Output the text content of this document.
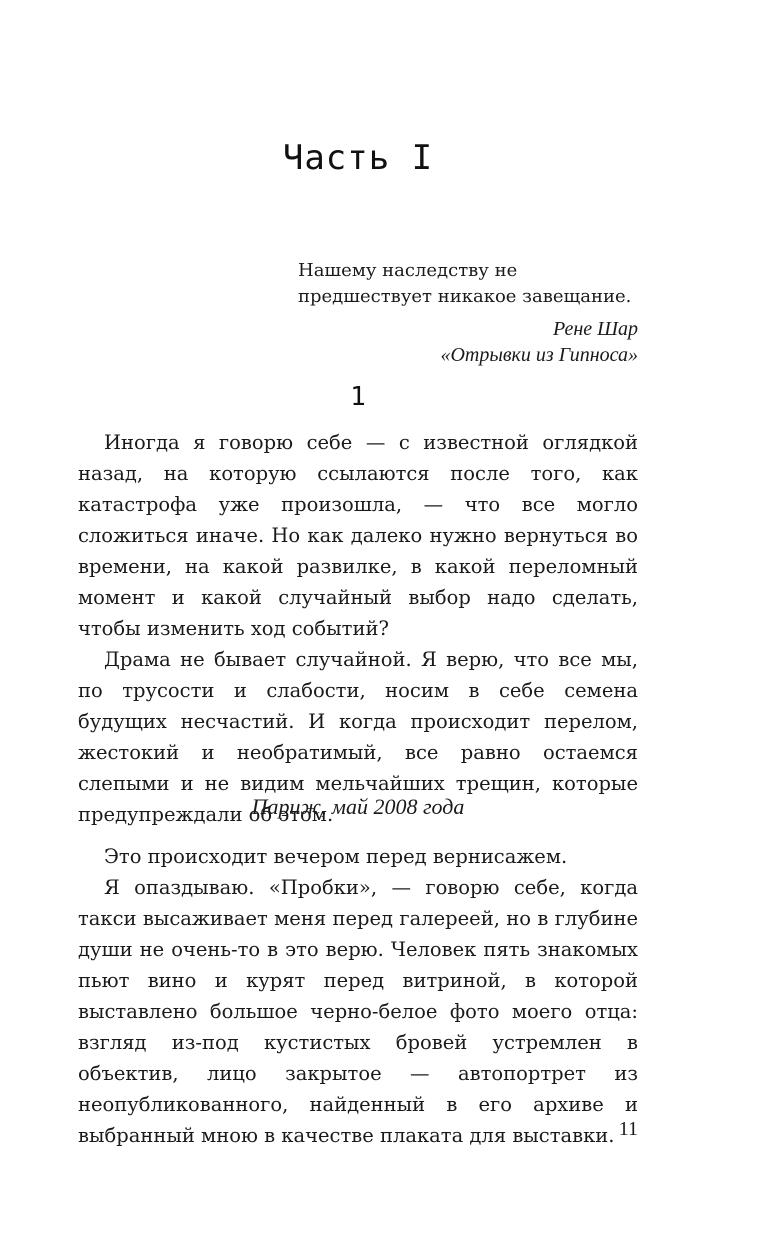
Часть I

Нашему наследству не предшествует никакое завещание.

Рене Шар
«Отрывки из Гипноса»
1

Иногда я говорю себе — с известной оглядкой назад, на которую ссылаются после того, как катастрофа уже произошла, — что все могло сложиться иначе. Но как далеко нужно вернуться во времени, на какой развилке, в какой переломный момент и какой случайный выбор надо сделать, чтобы изменить ход событий?

Драма не бывает случайной. Я верю, что все мы, по трусости и слабости, носим в себе семена будущих несчастий. И когда происходит перелом, жестокий и необратимый, все равно остаемся слепыми и не видим мельчайших трещин, которые предупреждали об этом.

Париж, май 2008 года

Это происходит вечером перед вернисажем.

Я опаздываю. «Пробки», — говорю себе, когда такси высаживает меня перед галереей, но в глубине души не очень-то в это верю. Человек пять знакомых пьют вино и курят перед витриной, в которой выставлено большое черно-белое фото моего отца: взгляд из-под кустистых бровей устремлен в объектив, лицо закрытое — автопортрет из неопубликованного, найденный в его архиве и выбранный мною в качестве плаката для выставки. 11
